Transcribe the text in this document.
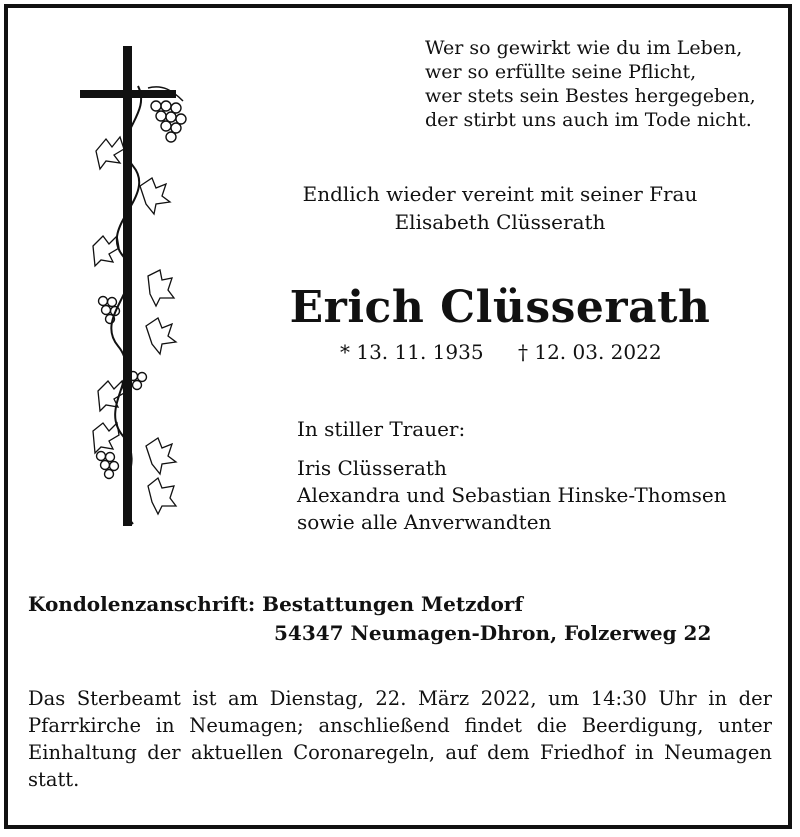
Wer so gewirkt wie du im Leben,
wer so erfüllte seine Pflicht,
wer stets sein Bestes hergegeben,
der stirbt uns auch im Tode nicht.
Endlich wieder vereint mit seiner Frau
Elisabeth Clüsserath
Erich Clüsserath
* 13. 11. 1935 † 12. 03. 2022
In stiller Trauer:
Iris Clüsserath
Alexandra und Sebastian Hinske-Thomsen
sowie alle Anverwandten
Kondolenzanschrift: Bestattungen Metzdorf
54347 Neumagen-Dhron, Folzerweg 22
Das Sterbeamt ist am Dienstag, 22. März 2022, um 14:30 Uhr in der Pfarrkirche in Neumagen; anschließend findet die Beerdigung, unter Einhaltung der aktuellen Coronaregeln, auf dem Friedhof in Neumagen statt.
